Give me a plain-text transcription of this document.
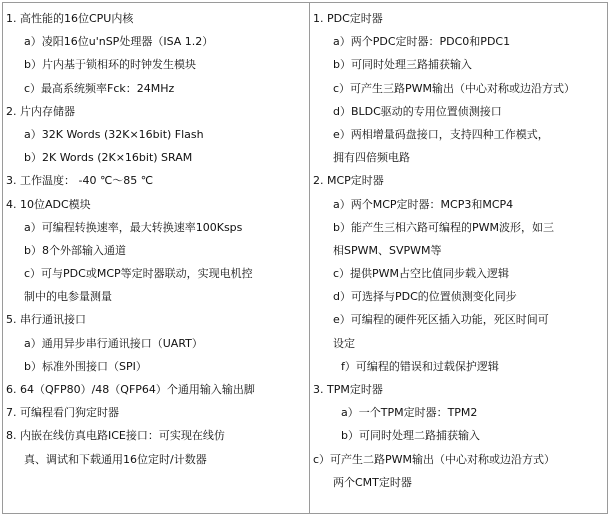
1. 高性能的16位CPU内核
a）凌阳16位u'nSP处理器（ISA 1.2）
b）片内基于锁相环的时钟发生模块
c）最高系统频率Fck：24MHz
2. 片内存储器
a）32K Words (32K×16bit) Flash
b）2K Words (2K×16bit) SRAM
3. 工作温度： -40 ℃～85 ℃
4. 10位ADC模块
a）可编程转换速率，最大转换速率100Ksps
b）8个外部输入通道
c）可与PDC或MCP等定时器联动，实现电机控
制中的电参量测量
5. 串行通讯接口
a）通用异步串行通讯接口（UART）
b）标准外围接口（SPI）
6. 64（QFP80）/48（QFP64）个通用输入输出脚
7. 可编程看门狗定时器
8. 内嵌在线仿真电路ICE接口：可实现在线仿
真、调试和下载通用16位定时/计数器
1. PDC定时器
a）两个PDC定时器：PDC0和PDC1
b）可同时处理三路捕获输入
c）可产生三路PWM输出（中心对称或边沿方式）
d）BLDC驱动的专用位置侦测接口
e）两相增量码盘接口，支持四种工作模式，
拥有四倍频电路
2. MCP定时器
a）两个MCP定时器：MCP3和MCP4
b）能产生三相六路可编程的PWM波形，如三
相SPWM、SVPWM等
c）提供PWM占空比值同步载入逻辑
d）可选择与PDC的位置侦测变化同步
e）可编程的硬件死区插入功能，死区时间可
设定
f）可编程的错误和过载保护逻辑
3. TPM定时器
a）一个TPM定时器：TPM2
b）可同时处理二路捕获输入
c）可产生二路PWM输出（中心对称或边沿方式）
两个CMT定时器
